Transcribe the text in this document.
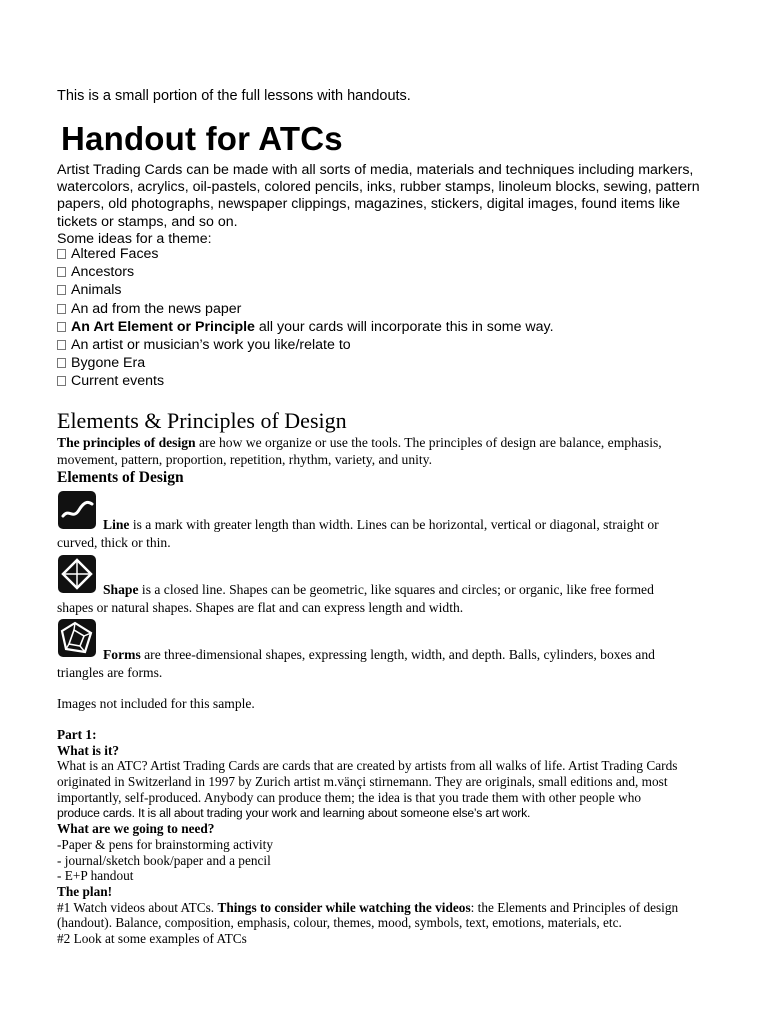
This is a small portion of the full lessons with handouts.
Handout for ATCs
Artist Trading Cards can be made with all sorts of media, materials and techniques including markers,
watercolors, acrylics, oil-pastels, colored pencils, inks, rubber stamps, linoleum blocks, sewing, pattern
papers, old photographs, newspaper clippings, magazines, stickers, digital images, found items like
tickets or stamps, and so on.
Some ideas for a theme:
Altered Faces
Ancestors
Animals
An ad from the news paper
An Art Element or Principle all your cards will incorporate this in some way.
An artist or musician’s work you like/relate to
Bygone Era
Current events
Elements & Principles of Design
The principles of design are how we organize or use the tools. The principles of design are balance, emphasis,
movement, pattern, proportion, repetition, rhythm, variety, and unity.
Elements of Design
Line is a mark with greater length than width. Lines can be horizontal, vertical or diagonal, straight or
curved, thick or thin.
Shape is a closed line. Shapes can be geometric, like squares and circles; or organic, like free formed
shapes or natural shapes. Shapes are flat and can express length and width.
Forms are three-dimensional shapes, expressing length, width, and depth. Balls, cylinders, boxes and
triangles are forms.
Images not included for this sample.
Part 1:
What is it?
What is an ATC? Artist Trading Cards are cards that are created by artists from all walks of life. Artist Trading Cards
originated in Switzerland in 1997 by Zurich artist m.vänçi stirnemann. They are originals, small editions and, most
importantly, self-produced. Anybody can produce them; the idea is that you trade them with other people who
produce cards. It is all about trading your work and learning about someone else’s art work.
What are we going to need?
-Paper & pens for brainstorming activity
- journal/sketch book/paper and a pencil
- E+P handout
The plan!
#1 Watch videos about ATCs. Things to consider while watching the videos: the Elements and Principles of design
(handout). Balance, composition, emphasis, colour, themes, mood, symbols, text, emotions, materials, etc.
#2 Look at some examples of ATCs
